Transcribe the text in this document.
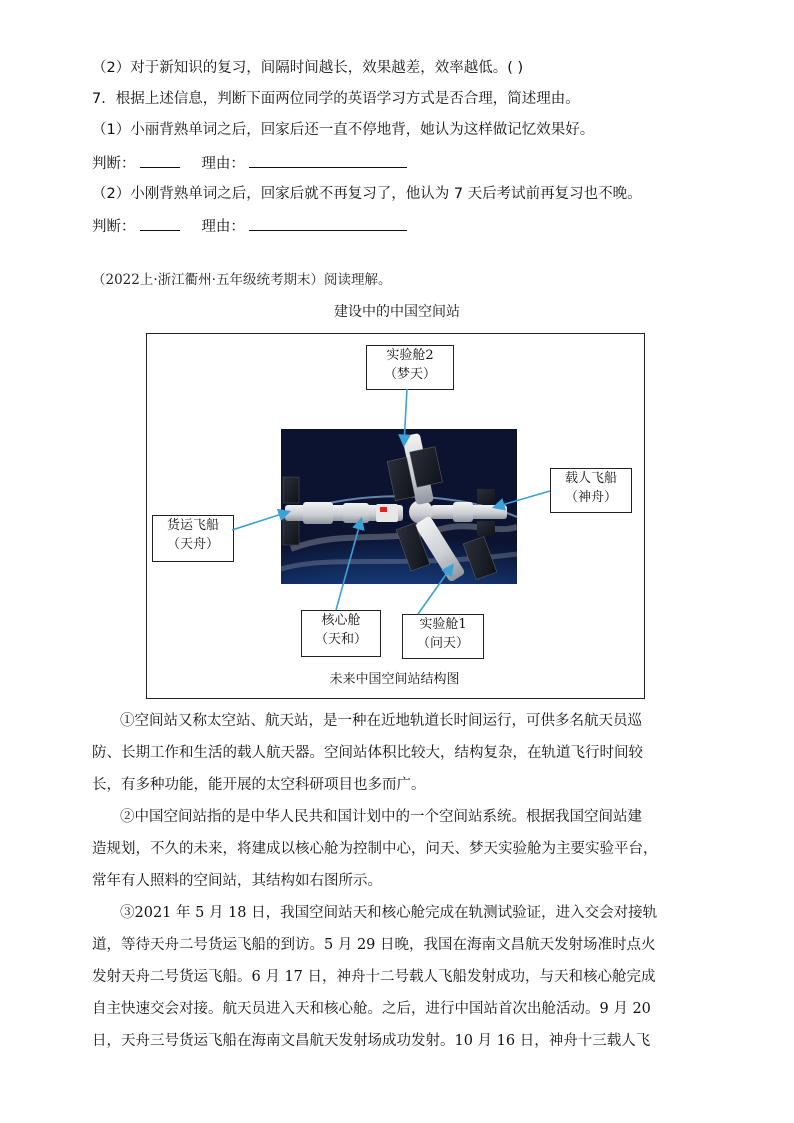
（2）对于新知识的复习，间隔时间越长，效果越差，效率越低。( )
7．根据上述信息，判断下面两位同学的英语学习方式是否合理，简述理由。
（1）小丽背熟单词之后，回家后还一直不停地背，她认为这样做记忆效果好。
判断：	理由：
（2）小刚背熟单词之后，回家后就不再复习了，他认为 7 天后考试前再复习也不晚。
判断：	理由：
（2022上·浙江衢州·五年级统考期末）阅读理解。
建设中的中国空间站
实验舱2
（梦天）
载人飞船
（神舟）
货运飞船
（天舟）
核心舱
（天和）
实验舱1
（问天）
未来中国空间站结构图

①空间站又称太空站、航天站，是一种在近地轨道长时间运行，可供多名航天员巡

防、长期工作和生活的载人航天器。空间站体积比较大，结构复杂，在轨道飞行时间较

长，有多种功能，能开展的太空科研项目也多而广。

②中国空间站指的是中华人民共和国计划中的一个空间站系统。根据我国空间站建

造规划，不久的未来，将建成以核心舱为控制中心，问天、梦天实验舱为主要实验平台，

常年有人照料的空间站，其结构如右图所示。

③2021 年 5 月 18 日，我国空间站天和核心舱完成在轨测试验证，进入交会对接轨

道，等待天舟二号货运飞船的到访。5 月 29 日晚，我国在海南文昌航天发射场准时点火

发射天舟二号货运飞船。6 月 17 日，神舟十二号载人飞船发射成功，与天和核心舱完成

自主快速交会对接。航天员进入天和核心舱。之后，进行中国站首次出舱活动。9 月 20

日，天舟三号货运飞船在海南文昌航天发射场成功发射。10 月 16 日，神舟十三载人飞
